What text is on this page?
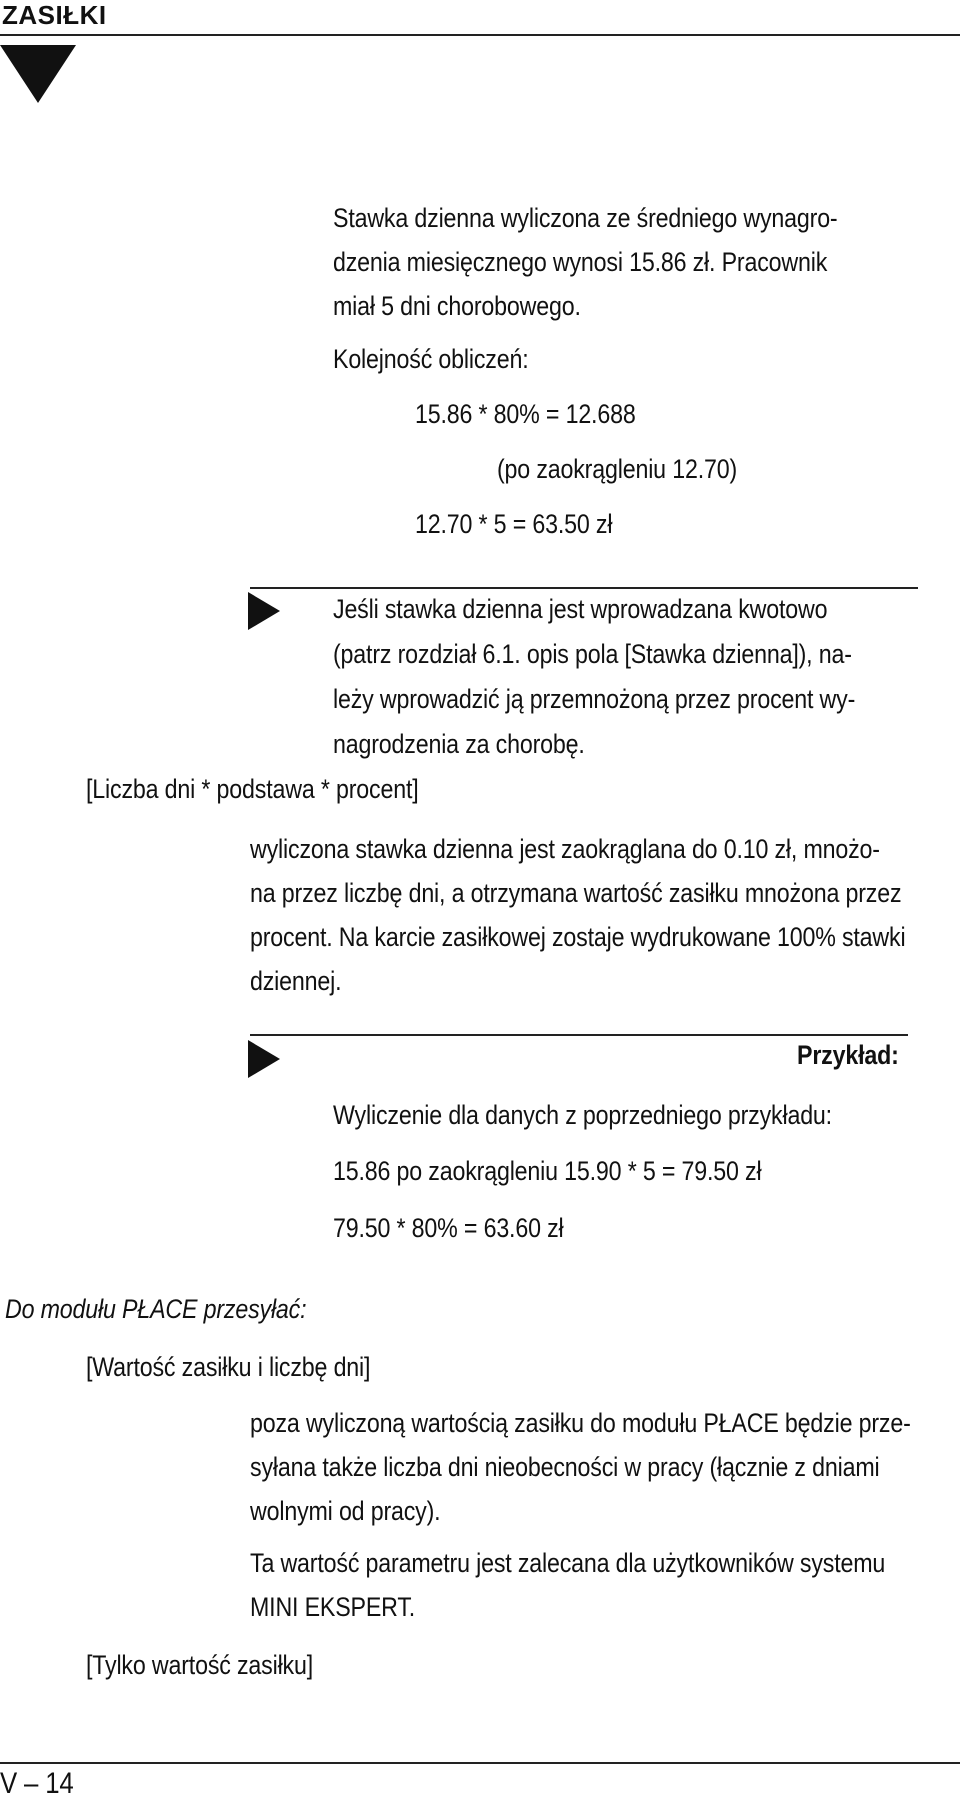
ZASIŁKI
Stawka dzienna wyliczona ze średniego wynagro-
dzenia miesięcznego wynosi 15.86 zł. Pracownik
miał 5 dni chorobowego.
Kolejność obliczeń:
15.86 * 80% = 12.688
(po zaokrągleniu 12.70)
12.70 * 5 = 63.50 zł
Jeśli stawka dzienna jest wprowadzana kwotowo
(patrz rozdział 6.1. opis pola [Stawka dzienna]), na-
leży wprowadzić ją przemnożoną przez procent wy-
nagrodzenia za chorobę.
[Liczba dni * podstawa * procent]
wyliczona stawka dzienna jest zaokrąglana do 0.10 zł, mnożo-
na przez liczbę dni, a otrzymana wartość zasiłku mnożona przez
procent. Na karcie zasiłkowej zostaje wydrukowane 100% stawki
dziennej.
Przykład:
Wyliczenie dla danych z poprzedniego przykładu:
15.86 po zaokrągleniu 15.90 * 5 = 79.50 zł
79.50 * 80% = 63.60 zł
Do modułu PŁACE przesyłać:
[Wartość zasiłku i liczbę dni]
poza wyliczoną wartością zasiłku do modułu PŁACE będzie prze-
syłana także liczba dni nieobecności w pracy (łącznie z dniami
wolnymi od pracy).
Ta wartość parametru jest zalecana dla użytkowników systemu
MINI EKSPERT.
[Tylko wartość zasiłku]
V – 14
